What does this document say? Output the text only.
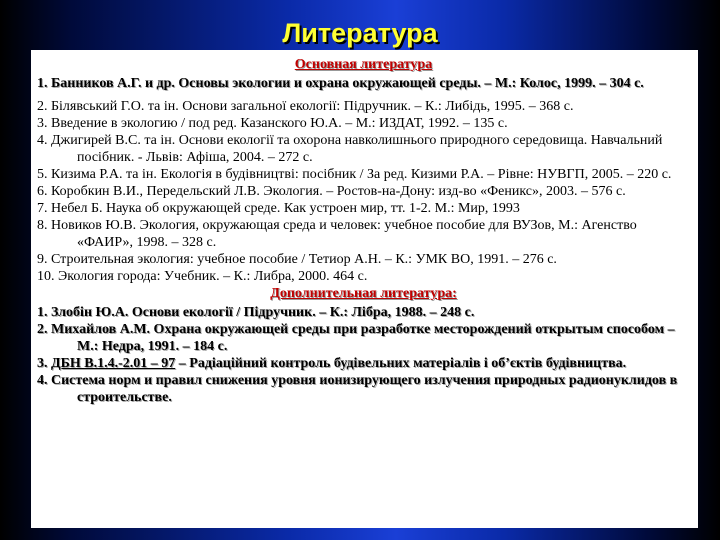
Литература
Основная литература
1. Банников А.Г. и др. Основы экологии и охрана окружающей среды. – М.: Колос, 1999. – 304 с.
2. Білявський Г.О. та ін. Основи загальної екології: Підручник. – К.: Либідь, 1995. – 368 с.
3. Введение в экологию / под ред. Казанского Ю.А. – М.: ИЗДАТ, 1992. – 135 с.
4. Джигирей В.С. та ін. Основи екології та охорона навколишнього природного середовища. Навчальний посібник. - Львів: Афіша, 2004. – 272 с.
5. Кизима Р.А. та ін. Екологія в будівництві: посібник / За ред. Кизими Р.А. – Рівне: НУВГП, 2005. – 220 с.
6. Коробкин В.И., Передельский Л.В. Экология. – Ростов-на-Дону: изд-во «Феникс», 2003. – 576 с.
7. Небел Б. Наука об окружающей среде. Как устроен мир, тт. 1-2. М.: Мир, 1993
8. Новиков Ю.В. Экология, окружающая среда и человек: учебное пособие для ВУЗов, М.: Агенство «ФАИР», 1998. – 328 с.
9. Строительная экология: учебное пособие / Тетиор А.Н. – К.: УМК ВО, 1991. – 276 с.
10. Экология города: Учебник. – К.: Либра, 2000. 464 с.
Дополнительная литература:
1. Злобін Ю.А. Основи екології / Підручник. – К.: Лібра, 1988. – 248 с.
2. Михайлов А.М. Охрана окружающей среды при разработке месторождений открытым способом – М.: Недра, 1991. – 184 с.
3. ДБН В.1.4.-2.01 – 97 – Радіаційний контроль будівельних матеріалів і об’єктів будівництва.
4. Система норм и правил снижения уровня ионизирующего излучения природных радионуклидов в строительстве.
